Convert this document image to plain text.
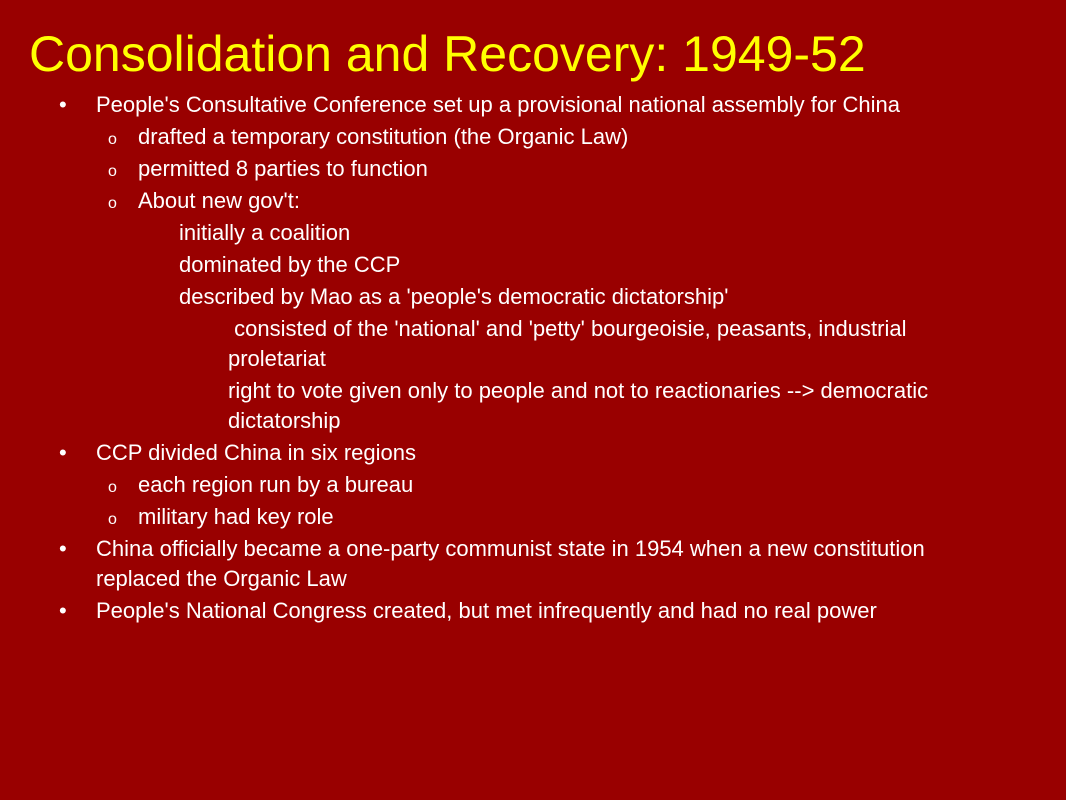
Consolidation and Recovery: 1949-52
• People's Consultative Conference set up a provisional national assembly for China
o drafted a temporary constitution (the Organic Law)
o permitted 8 parties to function
o About new gov't:
initially a coalition
dominated by the CCP
described by Mao as a 'people's democratic dictatorship'
consisted of the 'national' and 'petty' bourgeoisie, peasants, industrial proletariat
right to vote given only to people and not to reactionaries --> democratic dictatorship
• CCP divided China in six regions
o each region run by a bureau
o military had key role
• China officially became a one-party communist state in 1954 when a new constitution replaced the Organic Law
• People's National Congress created, but met infrequently and had no real power
